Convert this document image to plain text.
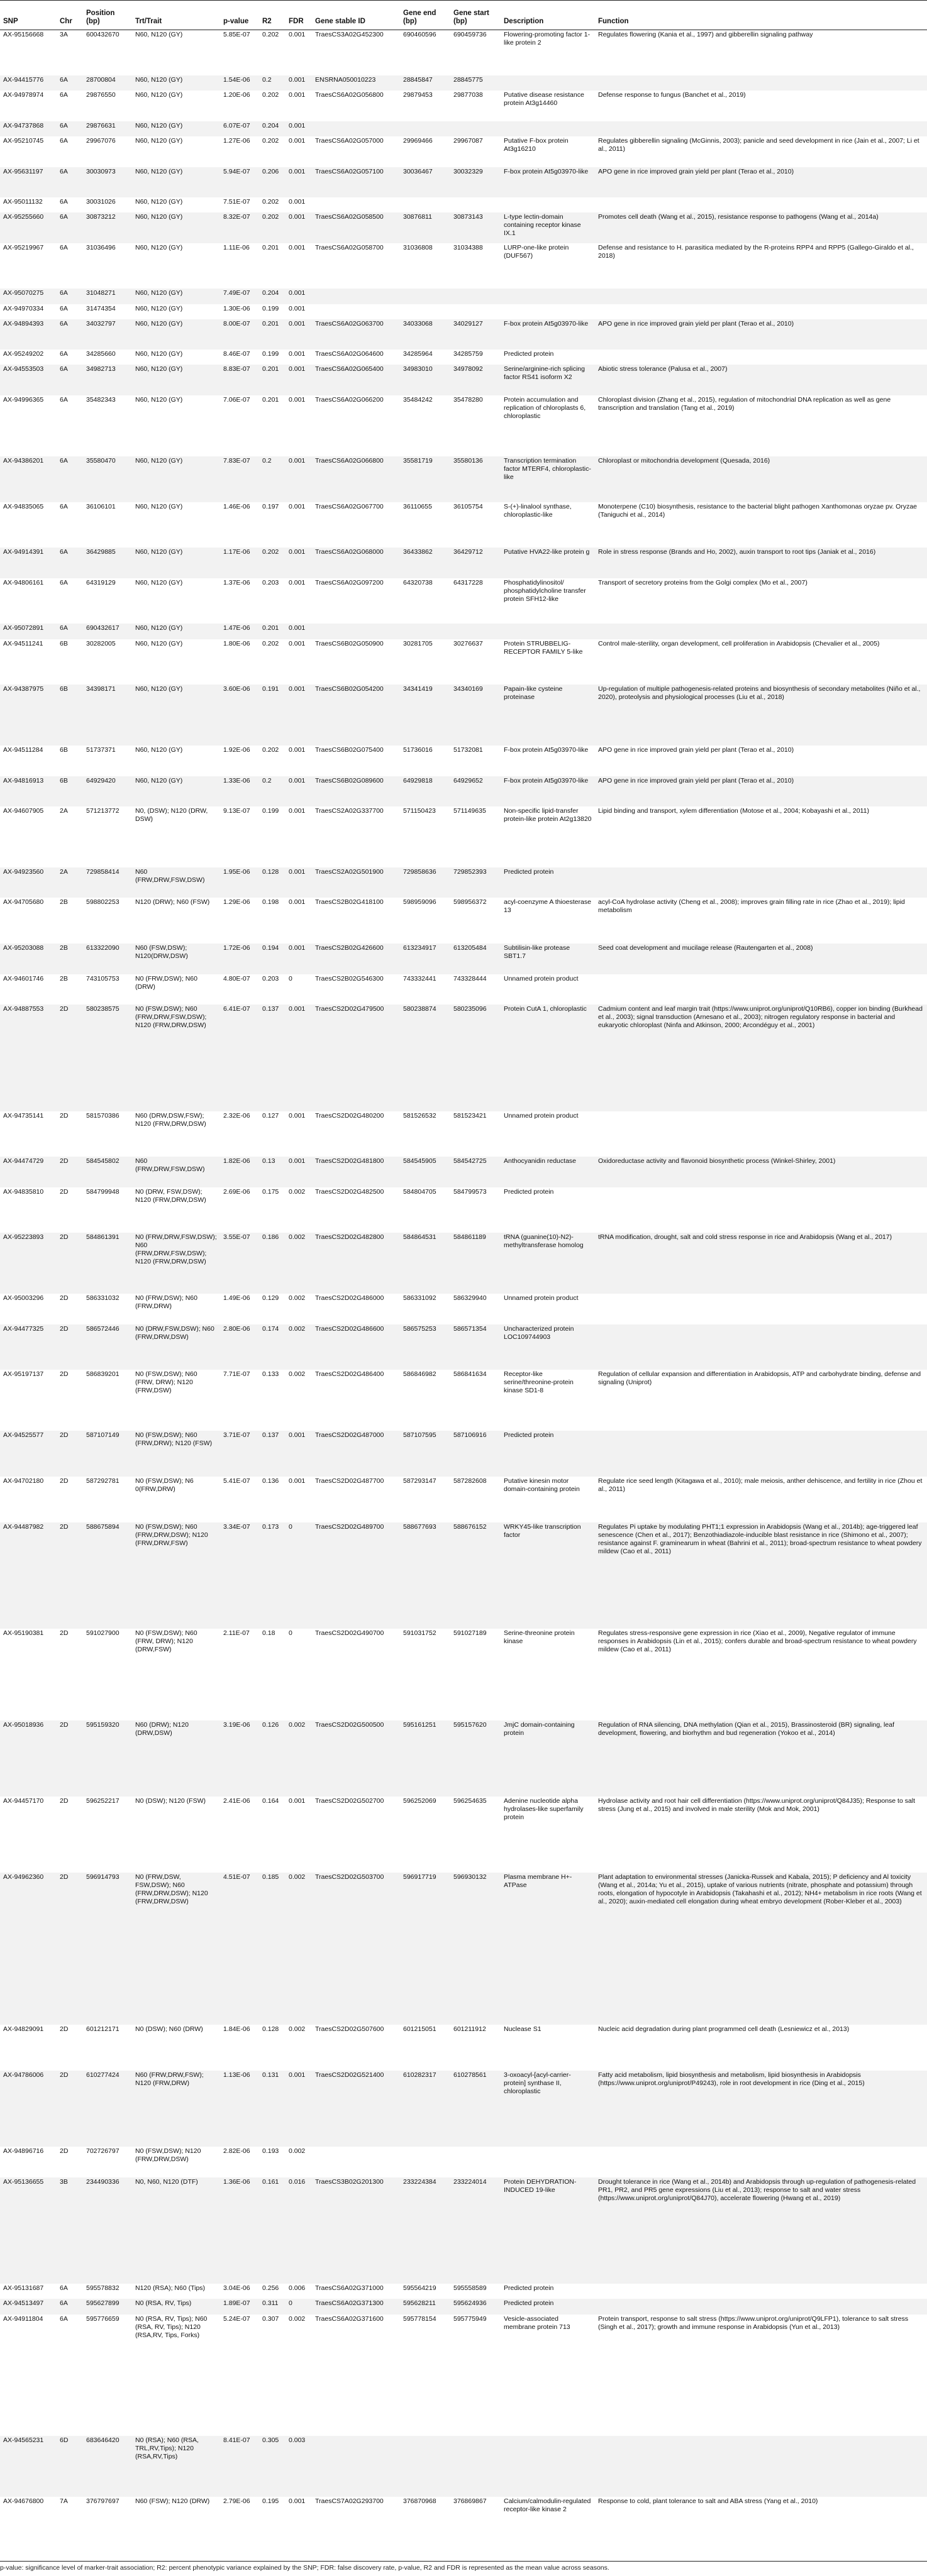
SNP	Chr	Position (bp)	Trt/Trait	p-value	R2	FDR	Gene stable ID	Gene end (bp)	Gene start (bp)	Description	Function
AX-95156668	3A	600432670	N60, N120 (GY)	5.85E-07	0.202	0.001	TraesCS3A02G452300	690460596	690459736	Flowering-promoting factor 1-like protein 2	Regulates flowering (Kania et al., 1997) and gibberellin signaling pathway
AX-94415776	6A	28700804	N60, N120 (GY)	1.54E-06	0.2	0.001	ENSRNA050010223	28845847	28845775		
AX-94978974	6A	29876550	N60, N120 (GY)	1.20E-06	0.202	0.001	TraesCS6A02G056800	29879453	29877038	Putative disease resistance protein At3g14460	Defense response to fungus (Banchet et al., 2019)
AX-94737868	6A	29876631	N60, N120 (GY)	6.07E-07	0.204	0.001					
AX-95210745	6A	29967076	N60, N120 (GY)	1.27E-06	0.202	0.001	TraesCS6A02G057000	29969466	29967087	Putative F-box protein At3g16210	Regulates gibberellin signaling (McGinnis, 2003); panicle and seed development in rice (Jain et al., 2007; Li et al., 2011)
AX-95631197	6A	30030973	N60, N120 (GY)	5.94E-07	0.206	0.001	TraesCS6A02G057100	30036467	30032329	F-box protein At5g03970-like	APO gene in rice improved grain yield per plant (Terao et al., 2010)
AX-95011132	6A	30031026	N60, N120 (GY)	7.51E-07	0.202	0.001					
AX-95255660	6A	30873212	N60, N120 (GY)	8.32E-07	0.202	0.001	TraesCS6A02G058500	30876811	30873143	L-type lectin-domain containing receptor kinase IX.1	Promotes cell death (Wang et al., 2015), resistance response to pathogens (Wang et al., 2014a)
AX-95219967	6A	31036496	N60, N120 (GY)	1.11E-06	0.201	0.001	TraesCS6A02G058700	31036808	31034388	LURP-one-like protein (DUF567)	Defense and resistance to H. parasitica mediated by the R-proteins RPP4 and RPP5 (Gallego-Giraldo et al., 2018)
AX-95070275	6A	31048271	N60, N120 (GY)	7.49E-07	0.204	0.001					
AX-94970334	6A	31474354	N60, N120 (GY)	1.30E-06	0.199	0.001					
AX-94894393	6A	34032797	N60, N120 (GY)	8.00E-07	0.201	0.001	TraesCS6A02G063700	34033068	34029127	F-box protein At5g03970-like	APO gene in rice improved grain yield per plant (Terao et al., 2010)
AX-95249202	6A	34285660	N60, N120 (GY)	8.46E-07	0.199	0.001	TraesCS6A02G064600	34285964	34285759	Predicted protein	
AX-94553503	6A	34982713	N60, N120 (GY)	8.83E-07	0.201	0.001	TraesCS6A02G065400	34983010	34978092	Serine/arginine-rich splicing factor RS41 isoform X2	Abiotic stress tolerance (Palusa et al., 2007)
AX-94996365	6A	35482343	N60, N120 (GY)	7.06E-07	0.201	0.001	TraesCS6A02G066200	35484242	35478280	Protein accumulation and replication of chloroplasts 6, chloroplastic	Chloroplast division (Zhang et al., 2015), regulation of mitochondrial DNA replication as well as gene transcription and translation (Tang et al., 2019)
AX-94386201	6A	35580470	N60, N120 (GY)	7.83E-07	0.2	0.001	TraesCS6A02G066800	35581719	35580136	Transcription termination factor MTERF4, chloroplastic-like	Chloroplast or mitochondria development (Quesada, 2016)
AX-94835065	6A	36106101	N60, N120 (GY)	1.46E-06	0.197	0.001	TraesCS6A02G067700	36110655	36105754	S-(+)-linalool synthase, chloroplastic-like	Monoterpene (C10) biosynthesis, resistance to the bacterial blight pathogen Xanthomonas oryzae pv. Oryzae (Taniguchi et al., 2014)
AX-94914391	6A	36429885	N60, N120 (GY)	1.17E-06	0.202	0.001	TraesCS6A02G068000	36433862	36429712	Putative HVA22-like protein g	Role in stress response (Brands and Ho, 2002), auxin transport to root tips (Janiak et al., 2016)
AX-94806161	6A	64319129	N60, N120 (GY)	1.37E-06	0.203	0.001	TraesCS6A02G097200	64320738	64317228	Phosphatidylinositol/ phosphatidylcholine transfer protein SFH12-like	Transport of secretory proteins from the Golgi complex (Mo et al., 2007)
AX-95072891	6A	690432617	N60, N120 (GY)	1.47E-06	0.201	0.001					
AX-94511241	6B	30282005	N60, N120 (GY)	1.80E-06	0.202	0.001	TraesCS6B02G050900	30281705	30276637	Protein STRUBBELIG-RECEPTOR FAMILY 5-like	Control male-sterility, organ development, cell proliferation in Arabidopsis (Chevalier et al., 2005)
AX-94387975	6B	34398171	N60, N120 (GY)	3.60E-06	0.191	0.001	TraesCS6B02G054200	34341419	34340169	Papain-like cysteine proteinase	Up-regulation of multiple pathogenesis-related proteins and biosynthesis of secondary metabolites (Niño et al., 2020), proteolysis and physiological processes (Liu et al., 2018)
AX-94511284	6B	51737371	N60, N120 (GY)	1.92E-06	0.202	0.001	TraesCS6B02G075400	51736016	51732081	F-box protein At5g03970-like	APO gene in rice improved grain yield per plant (Terao et al., 2010)
AX-94816913	6B	64929420	N60, N120 (GY)	1.33E-06	0.2	0.001	TraesCS6B02G089600	64929818	64929652	F-box protein At5g03970-like	APO gene in rice improved grain yield per plant (Terao et al., 2010)
AX-94607905	2A	571213772	N0, (DSW); N120 (DRW, DSW)	9.13E-07	0.199	0.001	TraesCS2A02G337700	571150423	571149635	Non-specific lipid-transfer protein-like protein At2g13820	Lipid binding and transport, xylem differentiation (Motose et al., 2004; Kobayashi et al., 2011)
AX-94923560	2A	729858414	N60 (FRW,DRW,FSW,DSW)	1.95E-06	0.128	0.001	TraesCS2A02G501900	729858636	729852393	Predicted protein	
AX-94705680	2B	598802253	N120 (DRW); N60 (FSW)	1.29E-06	0.198	0.001	TraesCS2B02G418100	598959096	598956372	acyl-coenzyme A thioesterase 13	acyl-CoA hydrolase activity (Cheng et al., 2008); improves grain filling rate in rice (Zhao et al., 2019); lipid metabolism
AX-95203088	2B	613322090	N60 (FSW,DSW); N120(DRW,DSW)	1.72E-06	0.194	0.001	TraesCS2B02G426600	613234917	613205484	Subtilisin-like protease SBT1.7	Seed coat development and mucilage release (Rautengarten et al., 2008)
AX-94601746	2B	743105753	N0 (FRW,DSW); N60 (DRW)	4.80E-07	0.203	0	TraesCS2B02G546300	743332441	743328444	Unnamed protein product	
AX-94887553	2D	580238575	N0 (FSW,DSW); N60 (FRW,DRW,FSW,DSW); N120 (FRW,DRW,DSW)	6.41E-07	0.137	0.001	TraesCS2D02G479500	580238874	580235096	Protein CutA 1, chloroplastic	Cadmium content and leaf margin trait (https://www.uniprot.org/uniprot/Q10RB6), copper ion binding (Burkhead et al., 2003); signal transduction (Arnesano et al., 2003); nitrogen regulatory response in bacterial and eukaryotic chloroplast (Ninfa and Atkinson, 2000; Arcondéguy et al., 2001)
AX-94735141	2D	581570386	N60 (DRW,DSW,FSW); N120 (FRW,DRW,DSW)	2.32E-06	0.127	0.001	TraesCS2D02G480200	581526532	581523421	Unnamed protein product	
AX-94474729	2D	584545802	N60 (FRW,DRW,FSW,DSW)	1.82E-06	0.13	0.001	TraesCS2D02G481800	584545905	584542725	Anthocyanidin reductase	Oxidoreductase activity and flavonoid biosynthetic process (Winkel-Shirley, 2001)
AX-94835810	2D	584799948	N0 (DRW, FSW,DSW); N120 (FRW,DRW,DSW)	2.69E-06	0.175	0.002	TraesCS2D02G482500	584804705	584799573	Predicted protein	
AX-95223893	2D	584861391	N0 (FRW,DRW,FSW,DSW); N60 (FRW,DRW,FSW,DSW); N120 (FRW,DRW,DSW)	3.55E-07	0.186	0.002	TraesCS2D02G482800	584864531	584861189	tRNA (guanine(10)-N2)-methyltransferase homolog	tRNA modification, drought, salt and cold stress response in rice and Arabidopsis (Wang et al., 2017)
AX-95003296	2D	586331032	N0 (FRW,DSW); N60 (FRW,DRW)	1.49E-06	0.129	0.002	TraesCS2D02G486000	586331092	586329940	Unnamed protein product	
AX-94477325	2D	586572446	N0 (DRW,FSW,DSW); N60 (FRW,DRW,DSW)	2.80E-06	0.174	0.002	TraesCS2D02G486600	586575253	586571354	Uncharacterized protein LOC109744903	
AX-95197137	2D	586839201	N0 (FSW,DSW); N60 (FRW, DRW); N120 (FRW,DSW)	7.71E-07	0.133	0.002	TraesCS2D02G486400	586846982	586841634	Receptor-like serine/threonine-protein kinase SD1-8	Regulation of cellular expansion and differentiation in Arabidopsis, ATP and carbohydrate binding, defense and signaling (Uniprot)
AX-94525577	2D	587107149	N0 (FSW,DSW); N60 (FRW,DRW); N120 (FSW)	3.71E-07	0.137	0.001	TraesCS2D02G487000	587107595	587106916	Predicted protein	
AX-94702180	2D	587292781	N0 (FSW,DSW); N6 0(FRW,DRW)	5.41E-07	0.136	0.001	TraesCS2D02G487700	587293147	587282608	Putative kinesin motor domain-containing protein	Regulate rice seed length (Kitagawa et al., 2010); male meiosis, anther dehiscence, and fertility in rice (Zhou et al., 2011)
AX-94487982	2D	588675894	N0 (FSW,DSW); N60 (FRW,DRW,DSW); N120 (FRW,DRW,FSW)	3.34E-07	0.173	0	TraesCS2D02G489700	588677693	588676152	WRKY45-like transcription factor	Regulates Pi uptake by modulating PHT1;1 expression in Arabidopsis (Wang et al., 2014b); age-triggered leaf senescence (Chen et al., 2017); Benzothiadiazole-inducible blast resistance in rice (Shimono et al., 2007); resistance against F. graminearum in wheat (Bahrini et al., 2011); broad-spectrum resistance to wheat powdery mildew (Cao et al., 2011)
AX-95190381	2D	591027900	N0 (FSW,DSW); N60 (FRW, DRW); N120 (DRW,FSW)	2.11E-07	0.18	0	TraesCS2D02G490700	591031752	591027189	Serine-threonine protein kinase	Regulates stress-responsive gene expression in rice (Xiao et al., 2009), Negative regulator of immune responses in Arabidopsis (Lin et al., 2015); confers durable and broad-spectrum resistance to wheat powdery mildew (Cao et al., 2011)
AX-95018936	2D	595159320	N60 (DRW); N120 (DRW,DSW)	3.19E-06	0.126	0.002	TraesCS2D02G500500	595161251	595157620	JmjC domain-containing protein	Regulation of RNA silencing, DNA methylation (Qian et al., 2015), Brassinosteroid (BR) signaling, leaf development, flowering, and biorhythm and bud regeneration (Yokoo et al., 2014)
AX-94457170	2D	596252217	N0 (DSW); N120 (FSW)	2.41E-06	0.164	0.001	TraesCS2D02G502700	596252069	596254635	Adenine nucleotide alpha hydrolases-like superfamily protein	Hydrolase activity and root hair cell differentiation (https://www.uniprot.org/uniprot/Q84J35); Response to salt stress (Jung et al., 2015) and involved in male sterility (Mok and Mok, 2001)
AX-94962360	2D	596914793	N0 (FRW,DSW, FSW,DSW); N60 (FRW,DRW,DSW); N120 (FRW,DRW,DSW)	4.51E-07	0.185	0.002	TraesCS2D02G503700	596917719	596930132	Plasma membrane H+-ATPase	Plant adaptation to environmental stresses (Janicka-Russek and Kabala, 2015); P deficiency and Al toxicity (Wang et al., 2014a; Yu et al., 2015), uptake of various nutrients (nitrate, phosphate and potassium) through roots, elongation of hypocotyle in Arabidopsis (Takahashi et al., 2012); NH4+ metabolism in rice roots (Wang et al., 2020); auxin-mediated cell elongation during wheat embryo development (Rober-Kleber et al., 2003)
AX-94829091	2D	601212171	N0 (DSW); N60 (DRW)	1.84E-06	0.128	0.002	TraesCS2D02G507600	601215051	601211912	Nuclease S1	Nucleic acid degradation during plant programmed cell death (Lesniewicz et al., 2013)
AX-94786006	2D	610277424	N60 (FRW,DRW,FSW); N120 (FRW,DRW)	1.13E-06	0.131	0.001	TraesCS2D02G521400	610282317	610278561	3-oxoacyl-[acyl-carrier-protein] synthase II, chloroplastic	Fatty acid metabolism, lipid biosynthesis and metabolism, lipid biosynthesis in Arabidopsis (https://www.uniprot.org/uniprot/P49243), role in root development in rice (Ding et al., 2015)
AX-94896716	2D	702726797	N0 (FSW,DSW); N120 (FRW,DRW,DSW)	2.82E-06	0.193	0.002					
AX-95136655	3B	234490336	N0, N60, N120 (DTF)	1.36E-06	0.161	0.016	TraesCS3B02G201300	233224384	233224014	Protein DEHYDRATION-INDUCED 19-like	Drought tolerance in rice (Wang et al., 2014b) and Arabidopsis through up-regulation of pathogenesis-related PR1, PR2, and PR5 gene expressions (Liu et al., 2013); response to salt and water stress (https://www.uniprot.org/uniprot/Q84J70), accelerate flowering (Hwang et al., 2019)
AX-95131687	6A	595578832	N120 (RSA); N60 (Tips)	3.04E-06	0.256	0.006	TraesCS6A02G371000	595564219	595558589	Predicted protein	
AX-94513497	6A	595627899	N0 (RSA, RV, Tips)	1.89E-07	0.311	0	TraesCS6A02G371300	595628211	595624936	Predicted protein	
AX-94911804	6A	595776659	N0 (RSA, RV, Tips); N60 (RSA, RV, Tips); N120 (RSA,RV, Tips, Forks)	5.24E-07	0.307	0.002	TraesCS6A02G371600	595778154	595775949	Vesicle-associated membrane protein 713	Protein transport, response to salt stress (https://www.uniprot.org/uniprot/Q9LFP1), tolerance to salt stress (Singh et al., 2017); growth and immune response in Arabidopsis (Yun et al., 2013)
AX-94565231	6D	683646420	N0 (RSA); N60 (RSA, TRL,RV,Tips); N120 (RSA,RV,Tips)	8.41E-07	0.305	0.003					
AX-94676800	7A	376797697	N60 (FSW); N120 (DRW)	2.79E-06	0.195	0.001	TraesCS7A02G293700	376870968	376869867	Calcium/calmodulin-regulated receptor-like kinase 2	Response to cold, plant tolerance to salt and ABA stress (Yang et al., 2010)
p-value: significance level of marker-trait association; R2: percent phenotypic variance explained by the SNP; FDR: false discovery rate, p-value, R2 and FDR is represented as the mean value across seasons.
